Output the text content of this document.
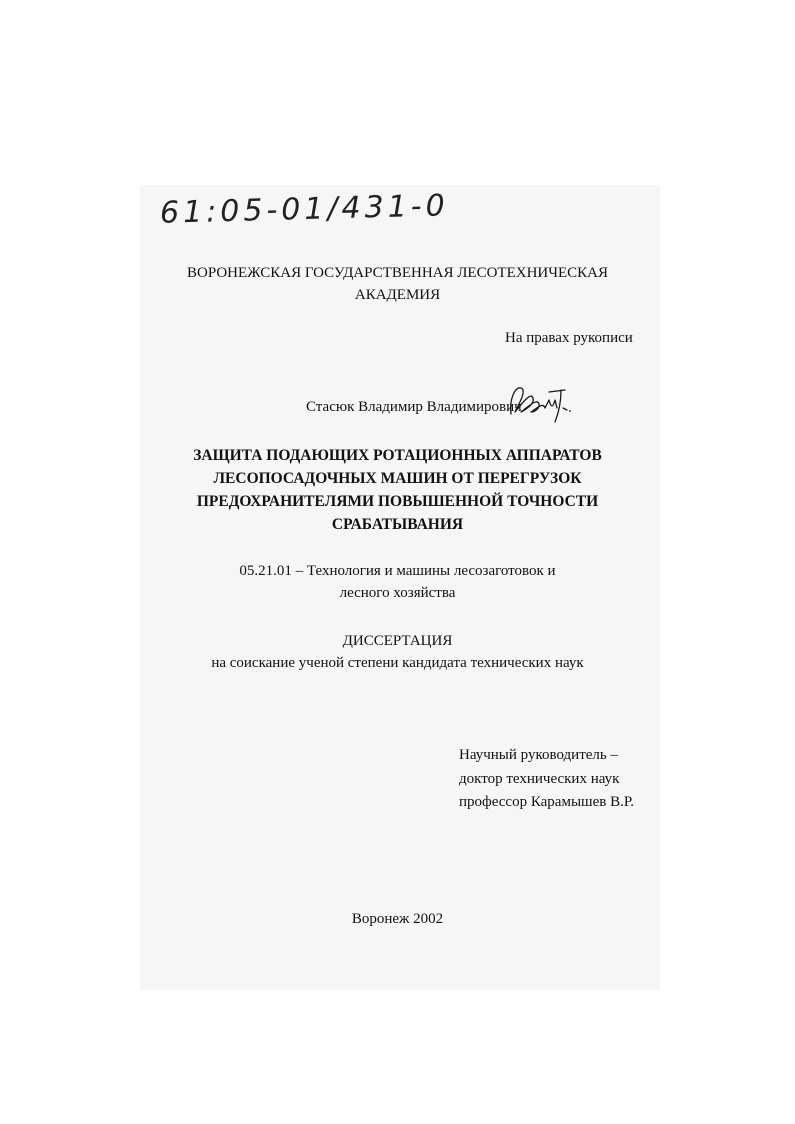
61:05-01/431-0
ВОРОНЕЖСКАЯ ГОСУДАРСТВЕННАЯ ЛЕСОТЕХНИЧЕСКАЯ
АКАДЕМИЯ
На правах рукописи
Стасюк Владимир Владимирович
ЗАЩИТА ПОДАЮЩИХ РОТАЦИОННЫХ АППАРАТОВ
ЛЕСОПОСАДОЧНЫХ МАШИН ОТ ПЕРЕГРУЗОК
ПРЕДОХРАНИТЕЛЯМИ ПОВЫШЕННОЙ ТОЧНОСТИ
СРАБАТЫВАНИЯ
05.21.01 – Технология и машины лесозаготовок и
лесного хозяйства
ДИССЕРТАЦИЯ
на соискание ученой степени кандидата технических наук
Научный руководитель –
доктор технических наук
профессор Карамышев В.Р.
Воронеж 2002
